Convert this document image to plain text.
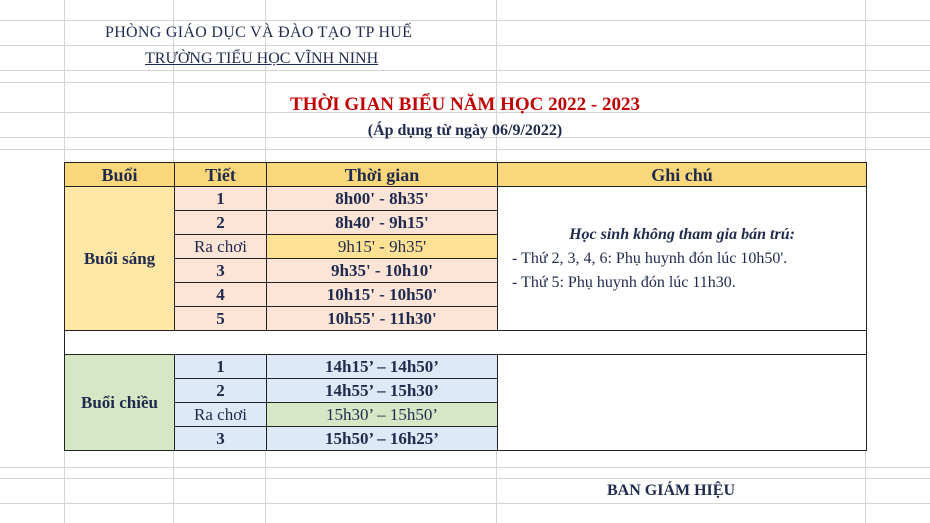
PHÒNG GIÁO DỤC VÀ ĐÀO TẠO TP HUẾ
TRƯỜNG TIỂU HỌC VĨNH NINH
THỜI GIAN BIỂU NĂM HỌC 2022 - 2023
(Áp dụng từ ngày 06/9/2022)
Buổi	Tiết	Thời gian	Ghi chú
Buổi sáng	1	8h00' - 8h35'	Học sinh không tham gia bán trú:
- Thứ 2, 3, 4, 6: Phụ huynh đón lúc 10h50'.
- Thứ 5: Phụ huynh đón lúc 11h30.

	2	8h40' - 9h15'	
	Ra chơi	9h15' - 9h35'	
	3	9h35' - 10h10'	
	4	10h15' - 10h50'	
	5	10h55' - 11h30'	

Buổi chiều	1	14h15’ – 14h50’	
	2	14h55’ – 15h30’	
	Ra chơi	15h30’ – 15h50’	
	3	15h50’ – 16h25’	
BAN GIÁM HIỆU
